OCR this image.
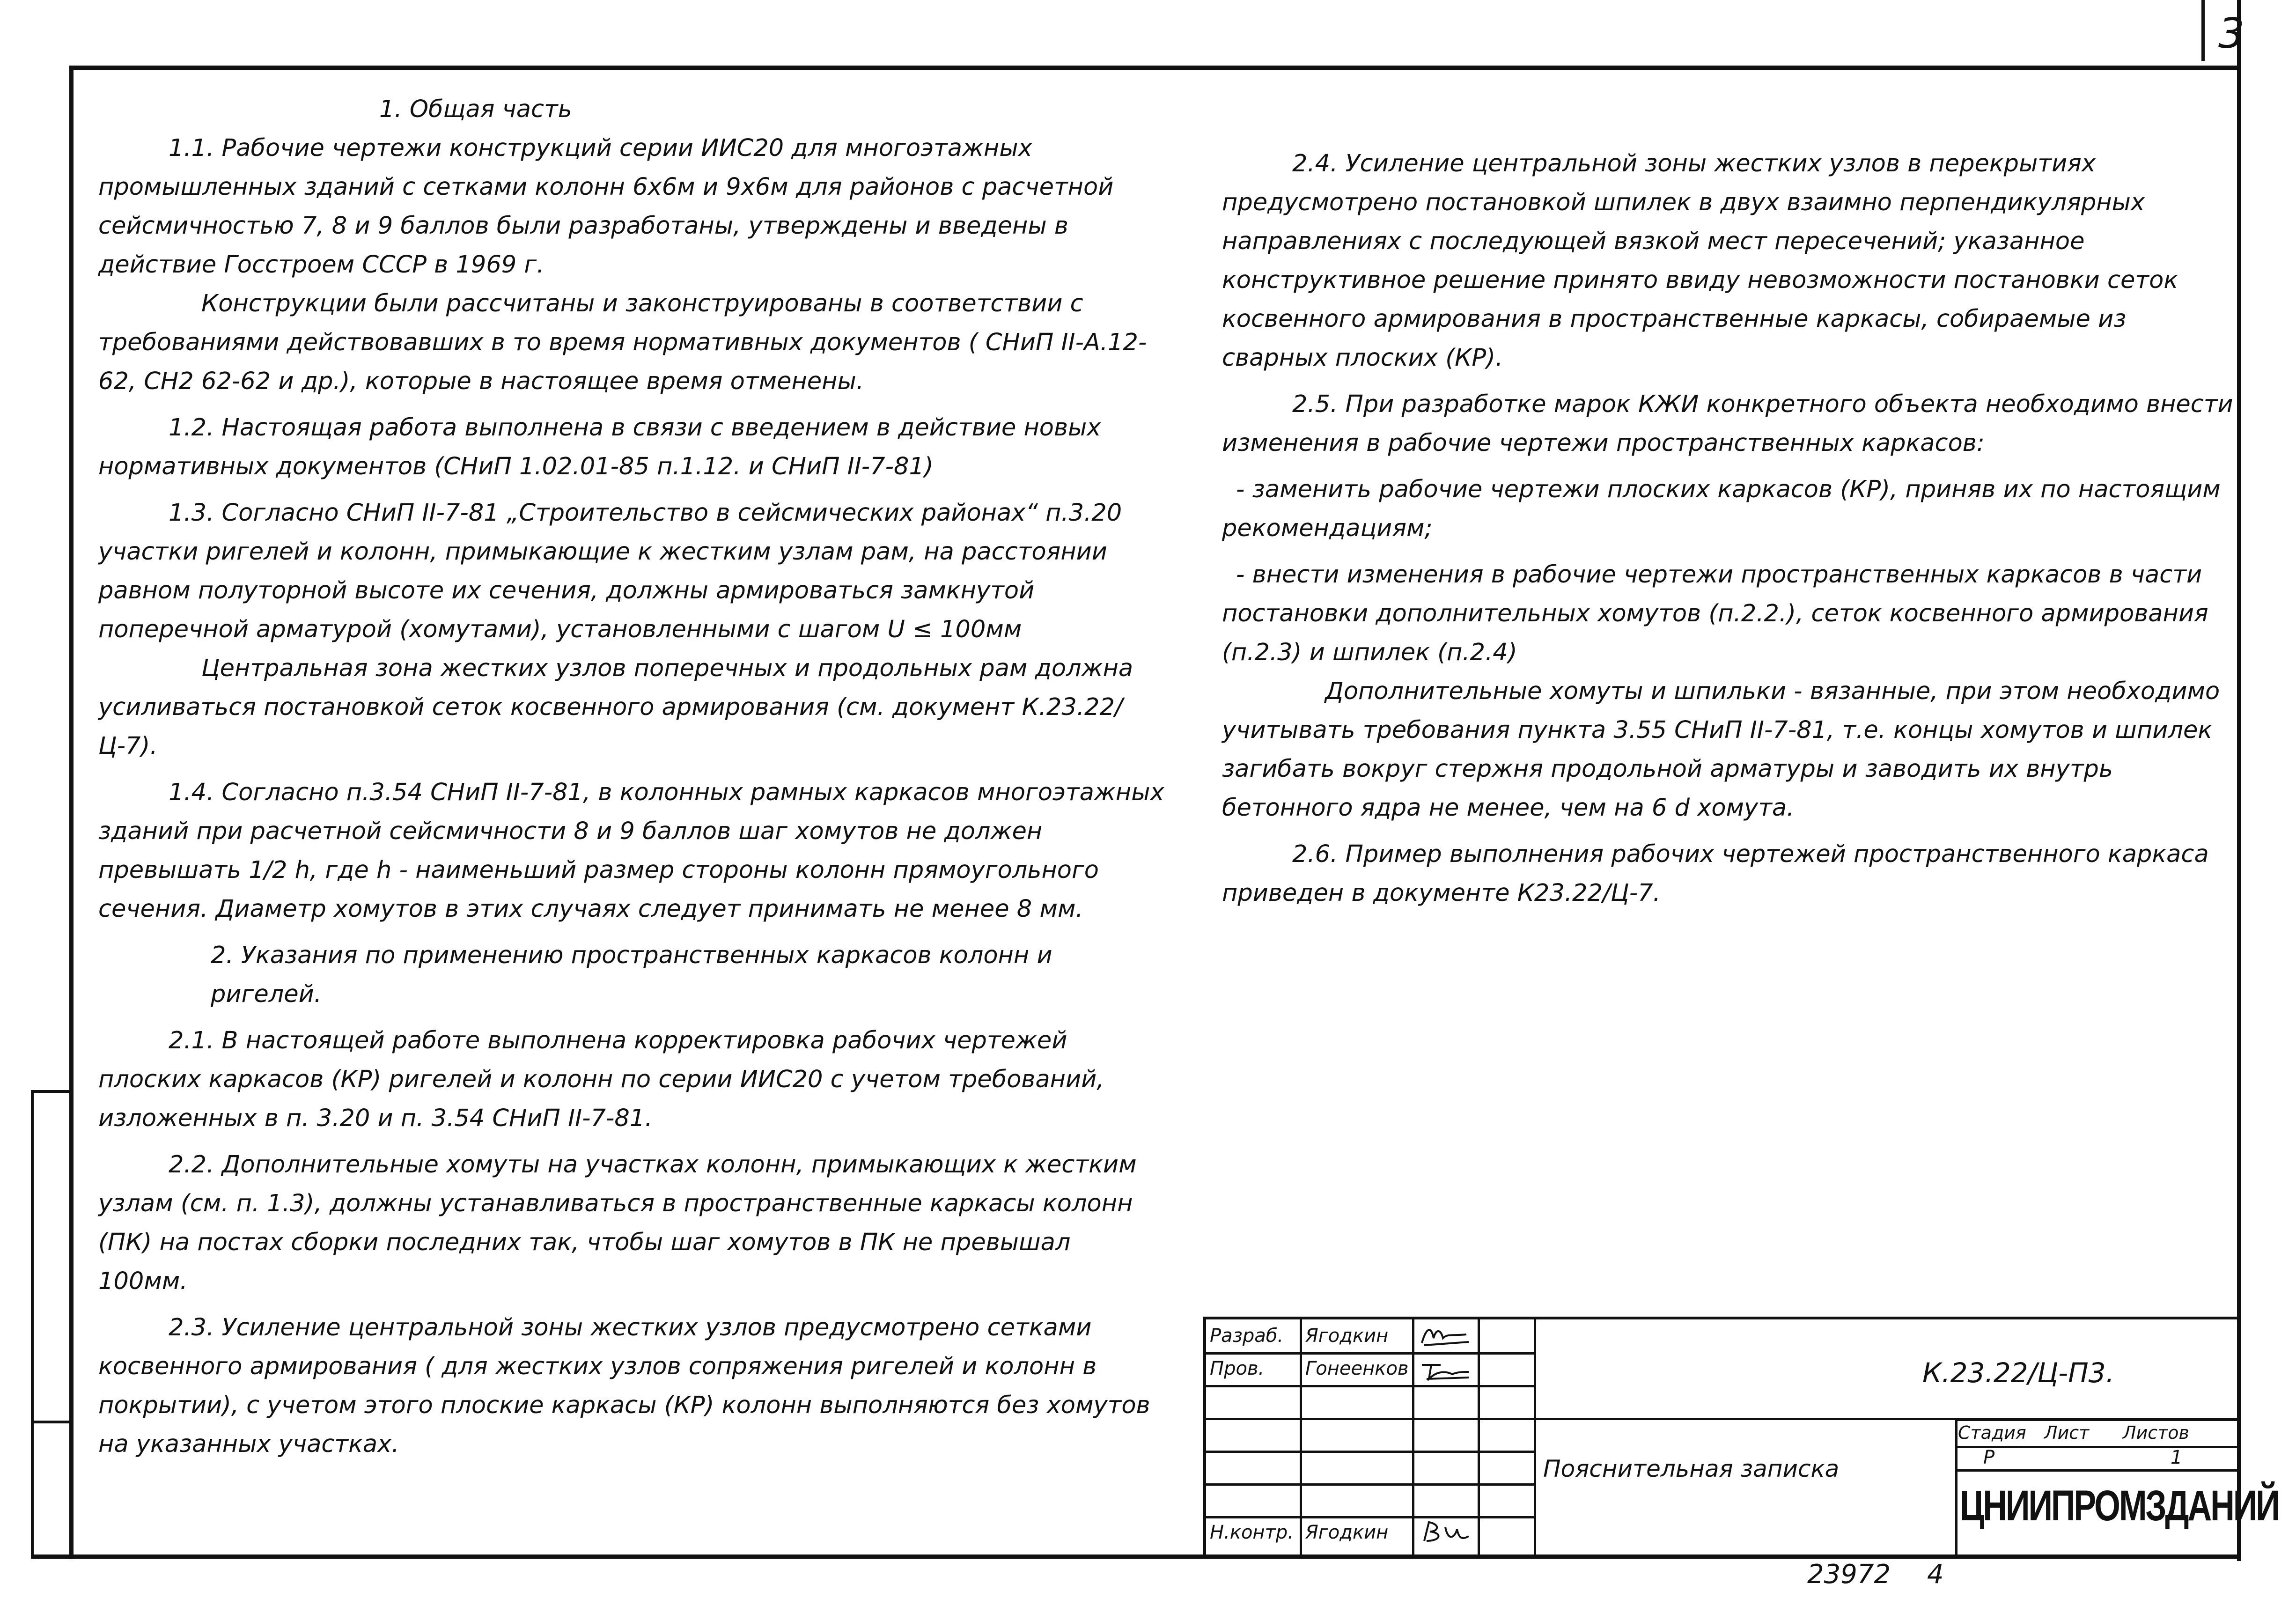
3
1. Общая часть

1.1. Рабочие чертежи конструкций серии ИИС20 для многоэтажных промышленных зданий с сетками колонн 6х6м и 9х6м для районов с расчетной сейсмичностью 7, 8 и 9 баллов были разработаны, утверждены и введены в действие Госстроем СССР в 1969 г.

Конструкции были рассчитаны и законструированы в соответствии с требованиями действовавших в то время нормативных документов ( СНиП II-А.12-62, СН2 62-62 и др.), которые в настоящее время отменены.

1.2. Настоящая работа выполнена в связи с введением в действие новых нормативных документов (СНиП 1.02.01-85 п.1.12. и СНиП II-7-81)

1.3. Согласно СНиП II-7-81 „Строительство в сейсмических районах“ п.3.20 участки ригелей и колонн, примыкающие к жестким узлам рам, на расстоянии равном полуторной высоте их сечения, должны армироваться замкнутой поперечной арматурой (хомутами), установленными с шагом U ≤ 100мм

Центральная зона жестких узлов поперечных и продольных рам должна усиливаться постановкой сеток косвенного армирования (см. документ К.23.22/Ц-7).

1.4. Согласно п.3.54 СНиП II-7-81, в колонных рамных каркасов многоэтажных зданий при расчетной сейсмичности 8 и 9 баллов шаг хомутов не должен превышать 1/2 h, где h - наименьший размер стороны колонн прямоугольного сечения. Диаметр хомутов в этих случаях следует принимать не менее 8 мм.

2. Указания по применению пространственных каркасов колонн и ригелей.

2.1. В настоящей работе выполнена корректировка рабочих чертежей плоских каркасов (КР) ригелей и колонн по серии ИИС20 с учетом требований, изложенных в п. 3.20 и п. 3.54 СНиП II-7-81.

2.2. Дополнительные хомуты на участках колонн, примыкающих к жестким узлам (см. п. 1.3), должны устанавливаться в пространственные каркасы колонн (ПК) на постах сборки последних так, чтобы шаг хомутов в ПК не превышал 100мм.

2.3. Усиление центральной зоны жестких узлов предусмотрено сетками косвенного армирования ( для жестких узлов сопряжения ригелей и колонн в покрытии), с учетом этого плоские каркасы (КР) колонн выполняются без хомутов на указанных участках.

2.4. Усиление центральной зоны жестких узлов в перекрытиях предусмотрено постановкой шпилек в двух взаимно перпендикулярных направлениях с последующей вязкой мест пересечений; указанное конструктивное решение принято ввиду невозможности постановки сеток косвенного армирования в пространственные каркасы, собираемые из сварных плоских (КР).

2.5. При разработке марок КЖИ конкретного объекта необходимо внести изменения в рабочие чертежи пространственных каркасов:

- заменить рабочие чертежи плоских каркасов (КР), приняв их по настоящим рекомендациям;

- внести изменения в рабочие чертежи пространственных каркасов в части постановки дополнительных хомутов (п.2.2.), сеток косвенного армирования (п.2.3) и шпилек (п.2.4)

Дополнительные хомуты и шпильки - вязанные, при этом необходимо учитывать требования пункта 3.55 СНиП II-7-81, т.е. концы хомутов и шпилек загибать вокруг стержня продольной арматуры и заводить их внутрь бетонного ядра не менее, чем на 6 d хомута.

2.6. Пример выполнения рабочих чертежей пространственного каркаса приведен в документе К23.22/Ц-7.

Разраб. Ягодкин
Пров. Гонеенков
Н.контр. Ягодкин
К.23.22/Ц-П3.
Пояснительная записка
Стадия Лист Листов
Р	1
ЦНИИПРОМЗДАНИЙ
23972 4
